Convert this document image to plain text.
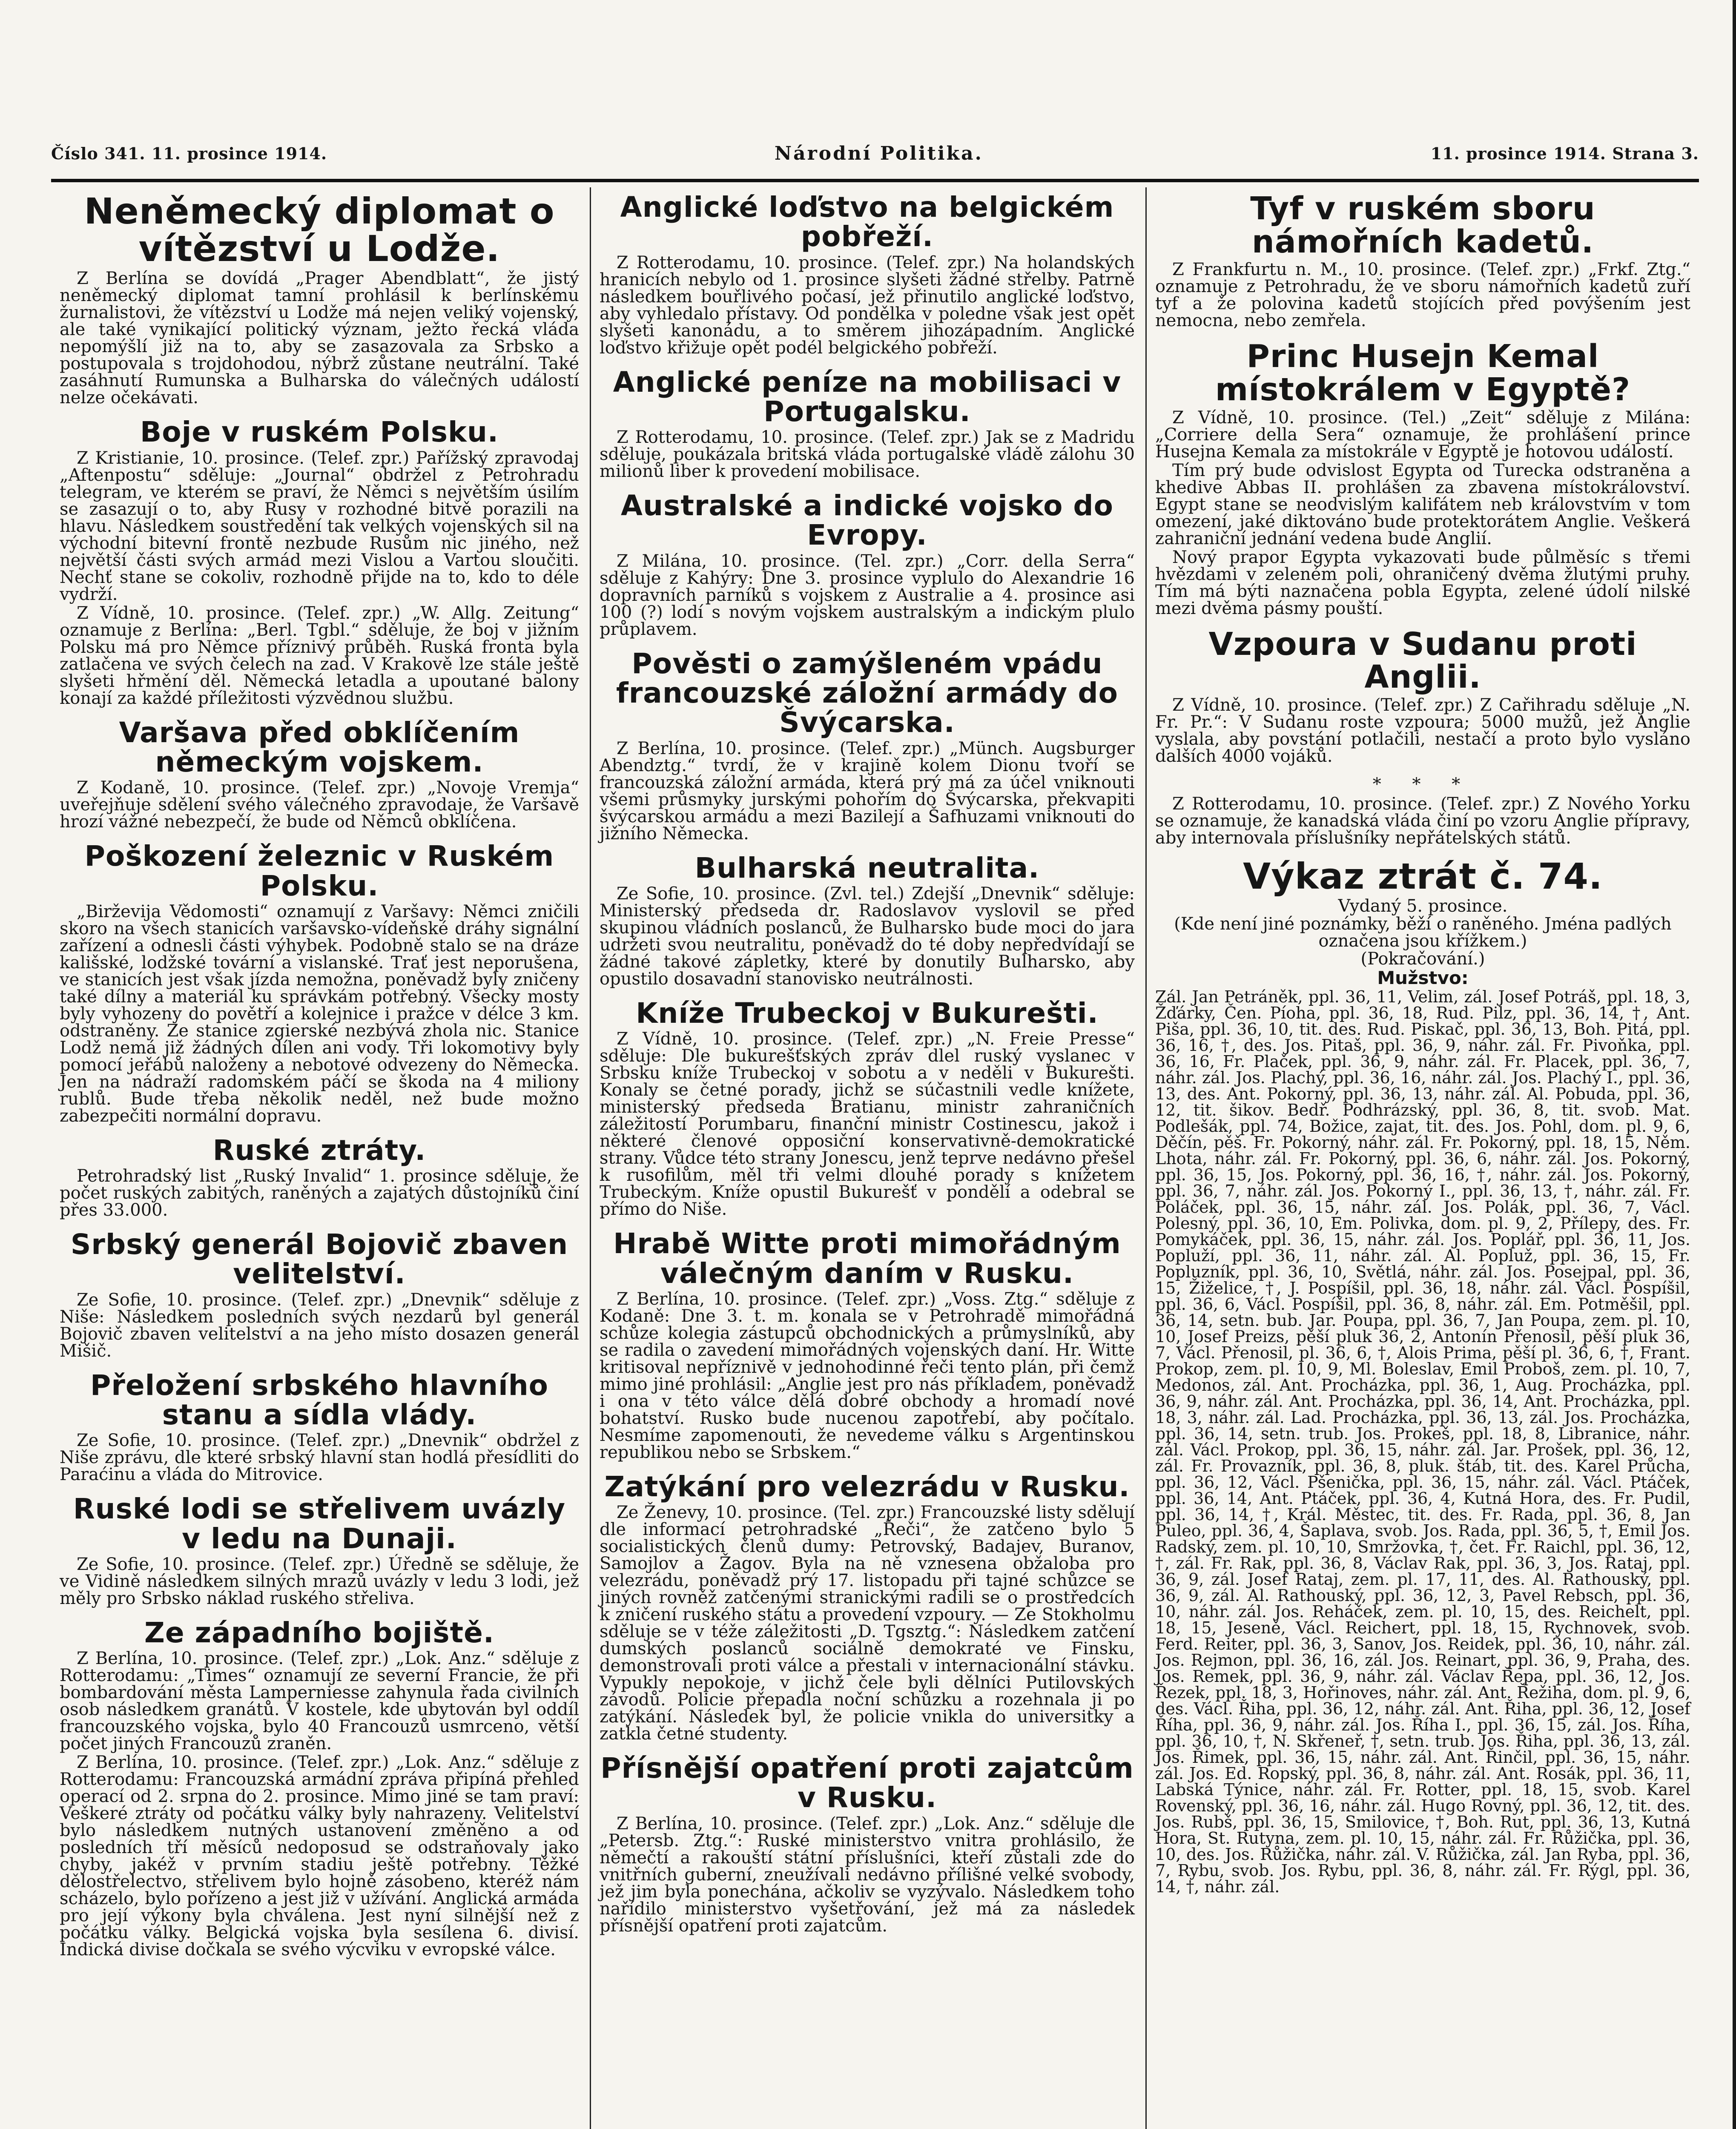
Číslo 341. 11. prosince 1914.	Národní Politika.	11. prosince 1914. Strana 3.
Neněmecký diplomat o vítězství u Lodže.

Z Berlína se dovídá „Prager Abendblatt“, že jistý neněmecký diplomat tamní prohlásil k berlínskému žurnalistovi, že vítězství u Lodže má nejen veliký vojenský, ale také vynikající politický význam, ježto řecká vláda nepomýšlí již na to, aby se zasazovala za Srbsko a postupovala s trojdohodou, nýbrž zůstane neutrální. Také zasáhnutí Rumunska a Bulharska do válečných událostí nelze očekávati.

Boje v ruském Polsku.

Z Kristianie, 10. prosince. (Telef. zpr.) Pařížský zpravodaj „Aftenpostu“ sděluje: „Journal“ obdržel z Petrohradu telegram, ve kterém se praví, že Němci s největším úsilím se zasazují o to, aby Rusy v rozhodné bitvě porazili na hlavu. Následkem soustředění tak velkých vojenských sil na východní bitevní frontě nezbude Rusům nic jiného, než největší části svých armád mezi Vislou a Vartou sloučiti. Nechť stane se cokoliv, rozhodně přijde na to, kdo to déle vydrží.

Z Vídně, 10. prosince. (Telef. zpr.) „W. Allg. Zeitung“ oznamuje z Berlína: „Berl. Tgbl.“ sděluje, že boj v jižním Polsku má pro Němce příznivý průběh. Ruská fronta byla zatlačena ve svých čelech na zad. V Krakově lze stále ještě slyšeti hřmění děl. Německá letadla a upoutané balony konají za každé příležitosti výzvědnou službu.

Varšava před obklíčením německým vojskem.

Z Kodaně, 10. prosince. (Telef. zpr.) „Novoje Vremja“ uveřejňuje sdělení svého válečného zpravodaje, že Varšavě hrozí vážné nebezpečí, že bude od Němců obklíčena.

Poškození železnic v Ruském Polsku.

„Birževija Vědomosti“ oznamují z Varšavy: Němci zničili skoro na všech stanicích varšavsko-vídeňské dráhy signální zařízení a odnesli části výhybek. Podobně stalo se na dráze kališské, lodžské tovární a vislanské. Trať jest neporušena, ve stanicích jest však jízda nemožna, poněvadž byly zničeny také dílny a materiál ku správkám potřebný. Všecky mosty byly vyhozeny do povětří a kolejnice i pražce v délce 3 km. odstraněny. Ze stanice zgierské nezbývá zhola nic. Stanice Lodž nemá již žádných dílen ani vody. Tři lokomotivy byly pomocí jeřábů naloženy a nebotové odvezeny do Německa. Jen na nádraží radomském páčí se škoda na 4 miliony rublů. Bude třeba několik neděl, než bude možno zabezpečiti normální dopravu.

Ruské ztráty.

Petrohradský list „Ruský Invalid“ 1. prosince sděluje, že počet ruských zabitých, raněných a zajatých důstojníků činí přes 33.000.

Srbský generál Bojovič zbaven velitelství.

Ze Sofie, 10. prosince. (Telef. zpr.) „Dnevnik“ sděluje z Niše: Následkem posledních svých nezdarů byl generál Bojovič zbaven velitelství a na jeho místo dosazen generál Mišič.

Přeložení srbského hlavního stanu a sídla vlády.

Ze Sofie, 10. prosince. (Telef. zpr.) „Dnevnik“ obdržel z Niše zprávu, dle které srbský hlavní stan hodlá přesídliti do Paraćinu a vláda do Mitrovice.

Ruské lodi se střelivem uvázly v ledu na Dunaji.

Ze Sofie, 10. prosince. (Telef. zpr.) Úředně se sděluje, že ve Vidině následkem silných mrazů uvázly v ledu 3 lodi, jež měly pro Srbsko náklad ruského střeliva.

Ze západního bojiště.

Z Berlína, 10. prosince. (Telef. zpr.) „Lok. Anz.“ sděluje z Rotterodamu: „Times“ oznamují ze severní Francie, že při bombardování města Lamperniesse zahynula řada civilních osob následkem granátů. V kostele, kde ubytován byl oddíl francouzského vojska, bylo 40 Francouzů usmrceno, větší počet jiných Francouzů zraněn.

Z Berlína, 10. prosince. (Telef. zpr.) „Lok. Anz.“ sděluje z Rotterodamu: Francouzská armádní zpráva připíná přehled operací od 2. srpna do 2. prosince. Mimo jiné se tam praví: Veškeré ztráty od počátku války byly nahrazeny. Velitelství bylo následkem nutných ustanovení změněno a od posledních tří měsíců nedoposud se odstraňovaly jako chyby, jakéž v prvním stadiu ještě potřebny. Těžké dělostřelectvo, střelivem bylo hojně zásobeno, kteréž nám scházelo, bylo pořízeno a jest již v užívání. Anglická armáda pro její výkony byla chválena. Jest nyní silnější než z počátku války. Belgická vojska byla sesílena 6. divisí. Indická divise dočkala se svého výcviku v evropské válce.

Anglické loďstvo na belgickém pobřeží.

Z Rotterodamu, 10. prosince. (Telef. zpr.) Na holandských hranicích nebylo od 1. prosince slyšeti žádné střelby. Patrně následkem bouřlivého počasí, jež přinutilo anglické loďstvo, aby vyhledalo přístavy. Od pondělka v poledne však jest opět slyšeti kanonádu, a to směrem jihozápadním. Anglické loďstvo křižuje opět podél belgického pobřeží.

Anglické peníze na mobilisaci v Portugalsku.

Z Rotterodamu, 10. prosince. (Telef. zpr.) Jak se z Madridu sděluje, poukázala britská vláda portugalské vládě zálohu 30 milionů liber k provedení mobilisace.

Australské a indické vojsko do Evropy.

Z Milána, 10. prosince. (Tel. zpr.) „Corr. della Serra“ sděluje z Kahýry: Dne 3. prosince vyplulo do Alexandrie 16 dopravních parníků s vojskem z Australie a 4. prosince asi 100 (?) lodí s novým vojskem australským a indickým plulo průplavem.

Pověsti o zamýšleném vpádu francouzské záložní armády do Švýcarska.

Z Berlína, 10. prosince. (Telef. zpr.) „Münch. Augsburger Abendztg.“ tvrdí, že v krajině kolem Dionu tvoří se francouzská záložní armáda, která prý má za účel vniknouti všemi průsmyky jurskými pohořím do Švýcarska, překvapiti švýcarskou armádu a mezi Bazilejí a Šafhuzami vniknouti do jižního Německa.

Bulharská neutralita.

Ze Sofie, 10. prosince. (Zvl. tel.) Zdejší „Dnevnik“ sděluje: Ministerský předseda dr. Radoslavov vyslovil se před skupinou vládních poslanců, že Bulharsko bude moci do jara udržeti svou neutralitu, poněvadž do té doby nepředvídají se žádné takové zápletky, které by donutily Bulharsko, aby opustilo dosavadní stanovisko neutrálnosti.

Kníže Trubeckoj v Bukurešti.

Z Vídně, 10. prosince. (Telef. zpr.) „N. Freie Presse“ sděluje: Dle bukurešťských zpráv dlel ruský vyslanec v Srbsku kníže Trubeckoj v sobotu a v neděli v Bukurešti. Konaly se četné porady, jichž se súčastnili vedle knížete, ministerský předseda Bratianu, ministr zahraničních záležitostí Porumbaru, finanční ministr Costinescu, jakož i některé členové opposiční konservativně-demokratické strany. Vůdce této strany Jonescu, jenž teprve nedávno přešel k rusofilům, měl tři velmi dlouhé porady s knížetem Trubeckým. Kníže opustil Bukurešť v pondělí a odebral se přímo do Niše.

Hrabě Witte proti mimořádným válečným daním v Rusku.

Z Berlína, 10. prosince. (Telef. zpr.) „Voss. Ztg.“ sděluje z Kodaně: Dne 3. t. m. konala se v Petrohradě mimořádná schůze kolegia zástupců obchodnických a průmyslníků, aby se radila o zavedení mimořádných vojenských daní. Hr. Witte kritisoval nepříznivě v jednohodinné řeči tento plán, při čemž mimo jiné prohlásil: „Anglie jest pro nás příkladem, poněvadž i ona v této válce dělá dobré obchody a hromadí nové bohatství. Rusko bude nucenou zapotřebí, aby počítalo. Nesmíme zapomenouti, že nevedeme válku s Argentinskou republikou nebo se Srbskem.“

Zatýkání pro velezrádu v Rusku.

Ze Ženevy, 10. prosince. (Tel. zpr.) Francouzské listy sdělují dle informací petrohradské „Řeči“, že zatčeno bylo 5 socialistických členů dumy: Petrovský, Badajev, Buranov, Samojlov a Žagov. Byla na ně vznesena obžaloba pro velezrádu, poněvadž prý 17. listopadu při tajné schůzce se jiných rovněž zatčenými stranickými radili se o prostředcích k zničení ruského státu a provedení vzpoury. — Ze Stokholmu sděluje se v téže záležitosti „D. Tgsztg.“: Následkem zatčení dumských poslanců sociálně demokraté ve Finsku, demonstrovali proti válce a přestali v internacionální stávku. Vypukly nepokoje, v jichž čele byli dělníci Putilovských závodů. Policie přepadla noční schůzku a rozehnala ji po zatýkání. Následek byl, že policie vnikla do universitky a zatkla četné studenty.

Přísnější opatření proti zajatcům v Rusku.

Z Berlína, 10. prosince. (Telef. zpr.) „Lok. Anz.“ sděluje dle „Petersb. Ztg.“: Ruské ministerstvo vnitra prohlásilo, že němečtí a rakouští státní příslušníci, kteří zůstali zde do vnitřních guberní, zneužívali nedávno přílišné velké svobody, jež jim byla ponechána, ačkoliv se vyzývalo. Následkem toho nařídilo ministerstvo vyšetřování, jež má za následek přísnější opatření proti zajatcům.

Tyf v ruském sboru námořních kadetů.

Z Frankfurtu n. M., 10. prosince. (Telef. zpr.) „Frkf. Ztg.“ oznamuje z Petrohradu, že ve sboru námořních kadetů zuří tyf a že polovina kadetů stojících před povýšením jest nemocna, nebo zemřela.

Princ Husejn Kemal místokrálem v Egyptě?

Z Vídně, 10. prosince. (Tel.) „Zeit“ sděluje z Milána: „Corriere della Sera“ oznamuje, že prohlášení prince Husejna Kemala za místokrále v Egyptě je hotovou událostí.

Tím prý bude odvislost Egypta od Turecka odstraněna a khedive Abbas II. prohlášen za zbavena místokrálovství. Egypt stane se neodvislým kalifátem neb královstvím v tom omezení, jaké diktováno bude protektorátem Anglie. Veškerá zahraniční jednání vedena bude Anglií.

Nový prapor Egypta vykazovati bude půlměsíc s třemi hvězdami v zeleném poli, ohraničený dvěma žlutými pruhy. Tím má býti naznačena pobla Egypta, zelené údolí nilské mezi dvěma pásmy pouští.

Vzpoura v Sudanu proti Anglii.

Z Vídně, 10. prosince. (Telef. zpr.) Z Cařihradu sděluje „N. Fr. Pr.“: V Sudanu roste vzpoura; 5000 mužů, jež Anglie vyslala, aby povstání potlačili, nestačí a proto bylo vysláno dalších 4000 vojáků.

* * *

Z Rotterodamu, 10. prosince. (Telef. zpr.) Z Nového Yorku se oznamuje, že kanadská vláda činí po vzoru Anglie přípravy, aby internovala příslušníky nepřátelských států.

Výkaz ztrát č. 74.
Vydaný 5. prosince.
(Kde není jiné poznámky, běží o raněného. Jména padlých označena jsou křížkem.)
(Pokračování.)
Mužstvo:

Zál. Jan Petráněk, ppl. 36, 11, Velim, zál. Josef Potráš, ppl. 18, 3, Žďárky, Čen. Píoha, ppl. 36, 18, Rud. Pilz, ppl. 36, 14, †, Ant. Piša, ppl. 36, 10, tit. des. Rud. Piskač, ppl. 36, 13, Boh. Pitá, ppl. 36, 16, †, des. Jos. Pitaš, ppl. 36, 9, náhr. zál. Fr. Pivoňka, ppl. 36, 16, Fr. Plaček, ppl. 36, 9, náhr. zál. Fr. Placek, ppl. 36, 7, náhr. zál. Jos. Plachý, ppl. 36, 16, náhr. zál. Jos. Plachý I., ppl. 36, 13, des. Ant. Pokorný, ppl. 36, 13, náhr. zál. Al. Pobuda, ppl. 36, 12, tit. šikov. Bedř. Podhrázský, ppl. 36, 8, tit. svob. Mat. Podlešák, ppl. 74, Božice, zajat, tit. des. Jos. Pohl, dom. pl. 9, 6, Děčín, pěš. Fr. Pokorný, náhr. zál. Fr. Pokorný, ppl. 18, 15, Něm. Lhota, náhr. zál. Fr. Pokorný, ppl. 36, 6, náhr. zál. Jos. Pokorný, ppl. 36, 15, Jos. Pokorný, ppl. 36, 16, †, náhr. zál. Jos. Pokorný, ppl. 36, 7, náhr. zál. Jos. Pokorný I., ppl. 36, 13, †, náhr. zál. Fr. Poláček, ppl. 36, 15, náhr. zál. Jos. Polák, ppl. 36, 7, Václ. Polesný, ppl. 36, 10, Em. Polivka, dom. pl. 9, 2, Přílepy, des. Fr. Pomykáček, ppl. 36, 15, náhr. zál. Jos. Poplář, ppl. 36, 11, Jos. Popluží, ppl. 36, 11, náhr. zál. Al. Popluž, ppl. 36, 15, Fr. Popluzník, ppl. 36, 10, Světlá, náhr. zál. Jos. Posejpal, ppl. 36, 15, Žiželice, †, J. Pospíšil, ppl. 36, 18, náhr. zál. Václ. Pospíšil, ppl. 36, 6, Václ. Pospíšil, ppl. 36, 8, náhr. zál. Em. Potměšil, ppl. 36, 14, setn. bub. Jar. Poupa, ppl. 36, 7, Jan Poupa, zem. pl. 10, 10, Josef Preizs, pěší pluk 36, 2, Antonín Přenosil, pěší pluk 36, 7, Václ. Přenosil, pl. 36, 6, †, Alois Prima, pěší pl. 36, 6, †, Frant. Prokop, zem. pl. 10, 9, Ml. Boleslav, Emil Proboš, zem. pl. 10, 7, Medonos, zál. Ant. Procházka, ppl. 36, 1, Aug. Procházka, ppl. 36, 9, náhr. zál. Ant. Procházka, ppl. 36, 14, Ant. Procházka, ppl. 18, 3, náhr. zál. Lad. Procházka, ppl. 36, 13, zál. Jos. Procházka, ppl. 36, 14, setn. trub. Jos. Prokeš, ppl. 18, 8, Libranice, náhr. zál. Václ. Prokop, ppl. 36, 15, náhr. zál. Jar. Prošek, ppl. 36, 12, zál. Fr. Provazník, ppl. 36, 8, pluk. štáb, tit. des. Karel Průcha, ppl. 36, 12, Václ. Pšenička, ppl. 36, 15, náhr. zál. Václ. Ptáček, ppl. 36, 14, Ant. Ptáček, ppl. 36, 4, Kutná Hora, des. Fr. Pudil, ppl. 36, 14, †, Král. Městec, tit. des. Fr. Rada, ppl. 36, 8, Jan Puleo, ppl. 36, 4, Šaplava, svob. Jos. Rada, ppl. 36, 5, †, Emil Jos. Radský, zem. pl. 10, 10, Smržovka, †, čet. Fr. Raichl, ppl. 36, 12, †, zál. Fr. Rak, ppl. 36, 8, Václav Rak, ppl. 36, 3, Jos. Rataj, ppl. 36, 9, zál. Josef Rataj, zem. pl. 17, 11, des. Al. Rathouský, ppl. 36, 9, zál. Al. Rathouský, ppl. 36, 12, 3, Pavel Rebsch, ppl. 36, 10, náhr. zál. Jos. Reháček, zem. pl. 10, 15, des. Reichelt, ppl. 18, 15, Jeseně, Václ. Reichert, ppl. 18, 15, Rychnovek, svob. Ferd. Reiter, ppl. 36, 3, Sanov, Jos. Reidek, ppl. 36, 10, náhr. zál. Jos. Rejmon, ppl. 36, 16, zál. Jos. Reinart, ppl. 36, 9, Praha, des. Jos. Remek, ppl. 36, 9, náhr. zál. Václav Řepa, ppl. 36, 12, Jos. Řezek, ppl. 18, 3, Hořinoves, náhr. zál. Ant. Řežiha, dom. pl. 9, 6, des. Václ. Řiha, ppl. 36, 12, náhr. zál. Ant. Řiha, ppl. 36, 12, Josef Říha, ppl. 36, 9, náhr. zál. Jos. Říha I., ppl. 36, 15, zál. Jos. Říha, ppl. 36, 10, †, N. Skřeneř, †, setn. trub. Jos. Řiha, ppl. 36, 13, zál. Jos. Řimek, ppl. 36, 15, náhr. zál. Ant. Řinčil, ppl. 36, 15, náhr. zál. Jos. Ed. Ropský, ppl. 36, 8, náhr. zál. Ant. Rosák, ppl. 36, 11, Labská Týnice, náhr. zál. Fr. Rotter, ppl. 18, 15, svob. Karel Rovenský, ppl. 36, 16, náhr. zál. Hugo Rovný, ppl. 36, 12, tit. des. Jos. Rubš, ppl. 36, 15, Smilovice, †, Boh. Rut, ppl. 36, 13, Kutná Hora, St. Rutyna, zem. pl. 10, 15, náhr. zál. Fr. Růžička, ppl. 36, 10, des. Jos. Růžička, náhr. zál. V. Růžička, zál. Jan Ryba, ppl. 36, 7, Rybu, svob. Jos. Rybu, ppl. 36, 8, náhr. zál. Fr. Rýgl, ppl. 36, 14, †, náhr. zál.
